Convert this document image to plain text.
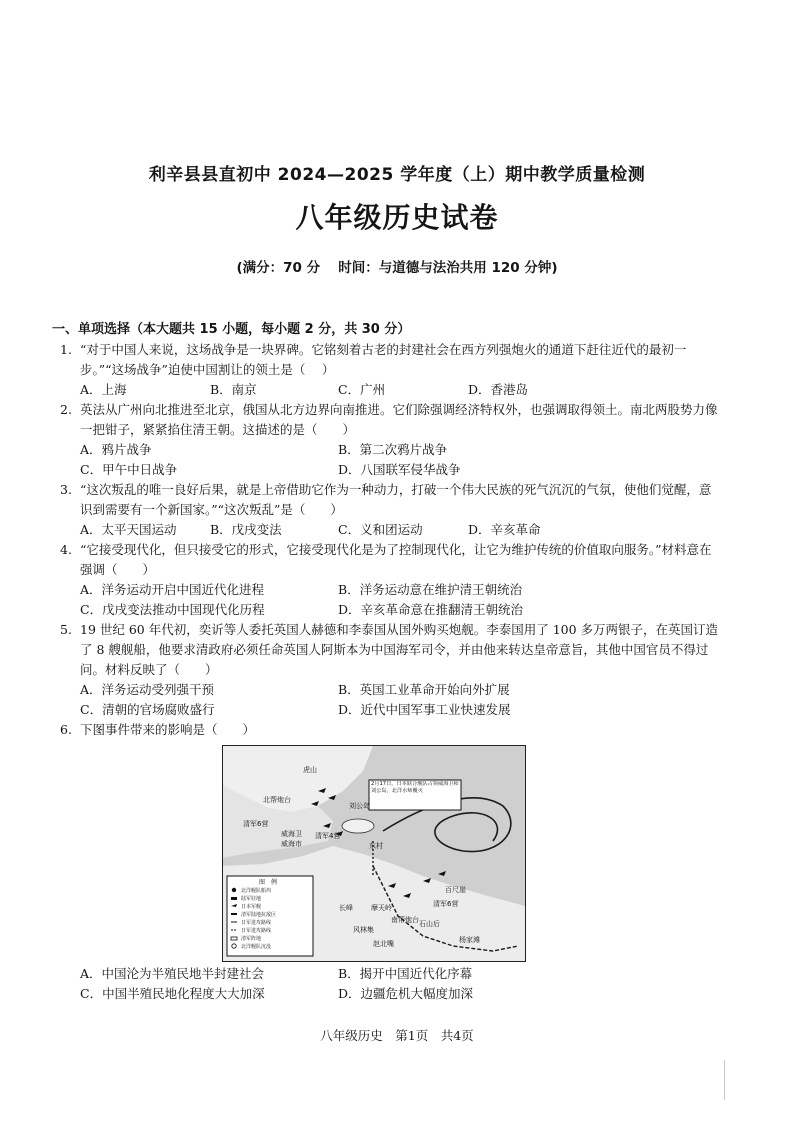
利辛县县直初中 2024—2025 学年度（上）期中教学质量检测
八年级历史试卷
(满分：70 分　 时间：与道德与法治共用 120 分钟)
一、单项选择（本大题共 15 小题，每小题 2 分，共 30 分）

1. “对于中国人来说，这场战争是一块界碑。它铭刻着古老的封建社会在西方列强炮火的通道下赶往近代的最初一步。”“这场战争”迫使中国割让的领土是（　 ）

A．上海	B．南京	C．广州	D．香港岛

2. 英法从广州向北推进至北京，俄国从北方边界向南推进。它们除强调经济特权外，也强调取得领土。南北两股势力像一把钳子，紧紧掐住清王朝。这描述的是（　　）

A．鸦片战争	B．第二次鸦片战争
C．甲午中日战争	D．八国联军侵华战争

3. “这次叛乱的唯一良好后果，就是上帝借助它作为一种动力，打破一个伟大民族的死气沉沉的气氛，使他们觉醒，意识到需要有一个新国家。”“这次叛乱”是（　　）

A．太平天国运动	B．戊戌变法	C．义和团运动	D．辛亥革命

4. “它接受现代化，但只接受它的形式，它接受现代化是为了控制现代化，让它为维护传统的价值取向服务。”材料意在强调（　　）

A．洋务运动开启中国近代化进程	B．洋务运动意在维护清王朝统治
C．戊戌变法推动中国现代化历程	D．辛亥革命意在推翻清王朝统治

5. 19 世纪 60 年代初，奕䜣等人委托英国人赫德和李泰国从国外购买炮舰。李泰国用了 100 多万两银子，在英国订造了 8 艘舰船，他要求清政府必须任命英国人阿斯本为中国海军司令，并由他来转达皇帝意旨，其他中国官员不得过问。材料反映了（　　）

A．洋务运动受列强干预	B．英国工业革命开始向外扩展
C．清朝的官场腐败盛行	D．近代中国军事工业快速发展

6. 下图事件带来的影响是（　　）

2月17日，日本联合舰队占领威海卫和刘公岛，北洋水师覆灭
北帮炮台
清军6营
威海卫
威海市
清军4营
刘公岛
东村
长峰	摩天岭
南帮炮台
风林集
赵北嘴
石山后
清军6营
杨家滩
百尺崖
虎山
图　例
北洋舰队船坞
陆军驻地
日本军舰
清军陆地抗敌区
日军进攻路线
日军进攻路线
清军阵地
北洋舰队沉没
A．中国沦为半殖民地半封建社会	B．揭开中国近代化序幕
C．中国半殖民地化程度大大加深	D．边疆危机大幅度加深
八年级历史　第1页　共4页
